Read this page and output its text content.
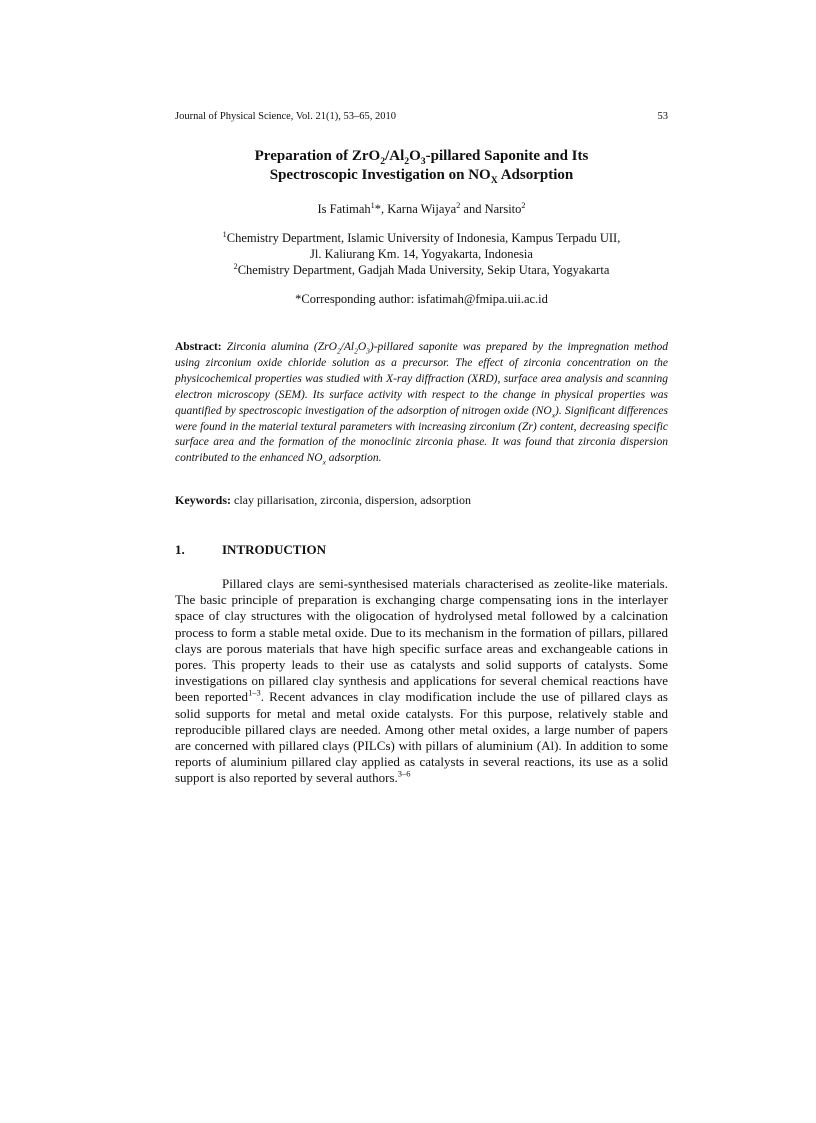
Journal of Physical Science, Vol. 21(1), 53–65, 2010	53
Preparation of $ZrO_2/Al_2O_3$-pillared Saponite and Its
Spectroscopic Investigation on $NO_X$ Adsorption
Is Fatimah$^1$*, Karna Wijaya$^2$ and Narsito$^2$
$^1$Chemistry Department, Islamic University of Indonesia, Kampus Terpadu UII,
Jl. Kaliurang Km. 14, Yogyakarta, Indonesia
$^2$Chemistry Department, Gadjah Mada University, Sekip Utara, Yogyakarta
*Corresponding author: isfatimah@fmipa.uii.ac.id
Abstract: Zirconia alumina $(ZrO_2/Al_2O_3)$-pillared saponite was prepared by the impregnation method using zirconium oxide chloride solution as a precursor. The effect of zirconia concentration on the physicochemical properties was studied with X-ray diffraction (XRD), surface area analysis and scanning electron microscopy (SEM). Its surface activity with respect to the change in physical properties was quantified by spectroscopic investigation of the adsorption of nitrogen oxide $(NO_x)$. Significant differences were found in the material textural parameters with increasing zirconium (Zr) content, decreasing specific surface area and the formation of the monoclinic zirconia phase. It was found that zirconia dispersion contributed to the enhanced $NO_x$ adsorption.
Keywords: clay pillarisation, zirconia, dispersion, adsorption
1.	INTRODUCTION
Pillared clays are semi-synthesised materials characterised as zeolite-like materials. The basic principle of preparation is exchanging charge compensating ions in the interlayer space of clay structures with the oligocation of hydrolysed metal followed by a calcination process to form a stable metal oxide. Due to its mechanism in the formation of pillars, pillared clays are porous materials that have high specific surface areas and exchangeable cations in pores. This property leads to their use as catalysts and solid supports of catalysts. Some investigations on pillared clay synthesis and applications for several chemical reactions have been reported$^{1-3}$. Recent advances in clay modification include the use of pillared clays as solid supports for metal and metal oxide catalysts. For this purpose, relatively stable and reproducible pillared clays are needed. Among other metal oxides, a large number of papers are concerned with pillared clays (PILCs) with pillars of aluminium (Al). In addition to some reports of aluminium pillared clay applied as catalysts in several reactions, its use as a solid support is also reported by several authors.$^{3-6}$
